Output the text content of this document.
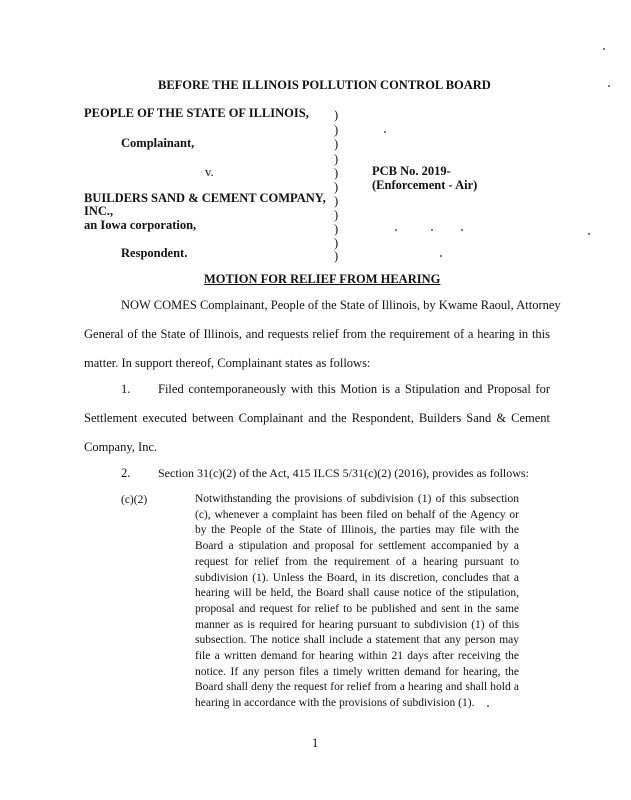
BEFORE THE ILLINOIS POLLUTION CONTROL BOARD
PEOPLE OF THE STATE OF ILLINOIS,
Complainant,
v.
BUILDERS SAND & CEMENT COMPANY,
INC.,
an Iowa corporation,
Respondent.
)
)
)
)
)
)
)
)
)
)
)
PCB No. 2019-
(Enforcement - Air)
MOTION FOR RELIEF FROM HEARING
NOW COMES Complainant, People of the State of Illinois, by Kwame Raoul, Attorney
General of the State of Illinois, and requests relief from the requirement of a hearing in this
matter. In support thereof, Complainant states as follows:
1. Filed contemporaneously with this Motion is a Stipulation and Proposal for
Settlement executed between Complainant and the Respondent, Builders Sand & Cement
Company, Inc.
2. Section 31(c)(2) of the Act, 415 ILCS 5/31(c)(2) (2016), provides as follows:
(c)(2)	Notwithstanding the provisions of subdivision (1) of this subsection (c), whenever a complaint has been filed on behalf of the Agency or by the People of the State of Illinois, the parties may file with the Board a stipulation and proposal for settlement accompanied by a request for relief from the requirement of a hearing pursuant to subdivision (1). Unless the Board, in its discretion, concludes that a hearing will be held, the Board shall cause notice of the stipulation, proposal and request for relief to be published and sent in the same manner as is required for hearing pursuant to subdivision (1) of this subsection. The notice shall include a statement that any person may file a written demand for hearing within 21 days after receiving the notice. If any person files a timely written demand for hearing, the Board shall deny the request for relief from a hearing and shall hold a hearing in accordance with the provisions of subdivision (1).
1
